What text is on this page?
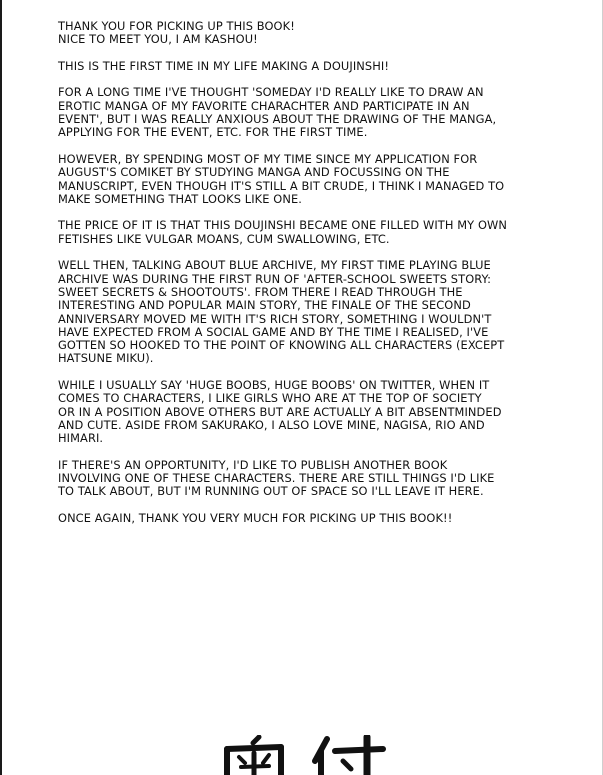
THANK YOU FOR PICKING UP THIS BOOK!
NICE TO MEET YOU, I AM KASHOU!

THIS IS THE FIRST TIME IN MY LIFE MAKING A DOUJINSHI!

FOR A LONG TIME I'VE THOUGHT 'SOMEDAY I'D REALLY LIKE TO DRAW AN
EROTIC MANGA OF MY FAVORITE CHARACHTER AND PARTICIPATE IN AN
EVENT', BUT I WAS REALLY ANXIOUS ABOUT THE DRAWING OF THE MANGA,
APPLYING FOR THE EVENT, ETC. FOR THE FIRST TIME.

HOWEVER, BY SPENDING MOST OF MY TIME SINCE MY APPLICATION FOR
AUGUST'S COMIKET BY STUDYING MANGA AND FOCUSSING ON THE
MANUSCRIPT, EVEN THOUGH IT'S STILL A BIT CRUDE, I THINK I MANAGED TO
MAKE SOMETHING THAT LOOKS LIKE ONE.

THE PRICE OF IT IS THAT THIS DOUJINSHI BECAME ONE FILLED WITH MY OWN
FETISHES LIKE VULGAR MOANS, CUM SWALLOWING, ETC.

WELL THEN, TALKING ABOUT BLUE ARCHIVE, MY FIRST TIME PLAYING BLUE
ARCHIVE WAS DURING THE FIRST RUN OF 'AFTER-SCHOOL SWEETS STORY:
SWEET SECRETS & SHOOTOUTS'. FROM THERE I READ THROUGH THE
INTERESTING AND POPULAR MAIN STORY, THE FINALE OF THE SECOND
ANNIVERSARY MOVED ME WITH IT'S RICH STORY, SOMETHING I WOULDN'T
HAVE EXPECTED FROM A SOCIAL GAME AND BY THE TIME I REALISED, I'VE
GOTTEN SO HOOKED TO THE POINT OF KNOWING ALL CHARACTERS (EXCEPT
HATSUNE MIKU).

WHILE I USUALLY SAY 'HUGE BOOBS, HUGE BOOBS' ON TWITTER, WHEN IT
COMES TO CHARACTERS, I LIKE GIRLS WHO ARE AT THE TOP OF SOCIETY
OR IN A POSITION ABOVE OTHERS BUT ARE ACTUALLY A BIT ABSENTMINDED
AND CUTE. ASIDE FROM SAKURAKO, I ALSO LOVE MINE, NAGISA, RIO AND
HIMARI.

IF THERE'S AN OPPORTUNITY, I'D LIKE TO PUBLISH ANOTHER BOOK
INVOLVING ONE OF THESE CHARACTERS. THERE ARE STILL THINGS I'D LIKE
TO TALK ABOUT, BUT I'M RUNNING OUT OF SPACE SO I'LL LEAVE IT HERE.

ONCE AGAIN, THANK YOU VERY MUCH FOR PICKING UP THIS BOOK!!
